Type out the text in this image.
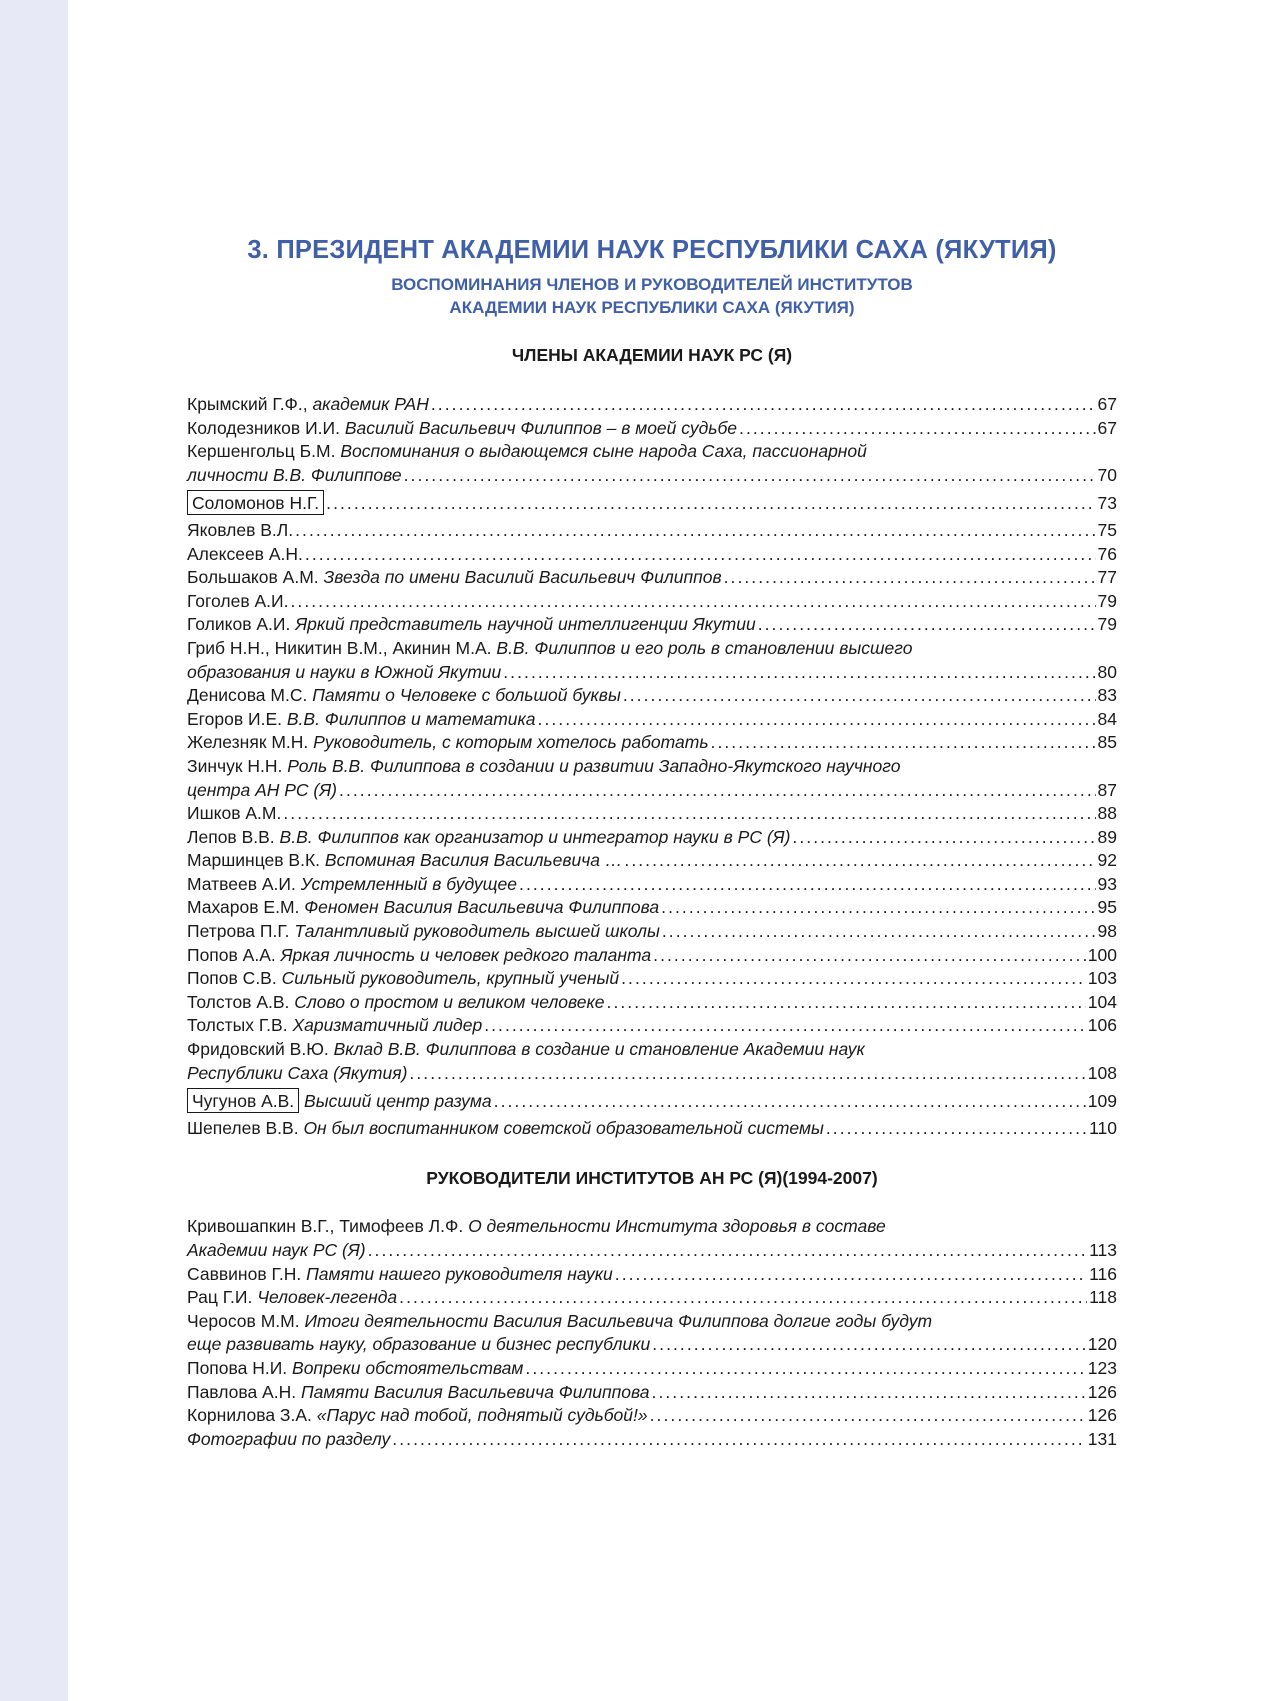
3. ПРЕЗИДЕНТ АКАДЕМИИ НАУК РЕСПУБЛИКИ САХА (ЯКУТИЯ)
ВОСПОМИНАНИЯ ЧЛЕНОВ И РУКОВОДИТЕЛЕЙ ИНСТИТУТОВ
АКАДЕМИИ НАУК РЕСПУБЛИКИ САХА (ЯКУТИЯ)
ЧЛЕНЫ АКАДЕМИИ НАУК РС (Я)
Крымский Г.Ф., академик РАН . . .	67
Колодезников И.И. Василий Васильевич Филиппов – в моей судьбе . . .	67
Кершенгольц Б.М. Воспоминания о выдающемся сыне народа Саха, пассионарной
личности В.В. Филиппове . . .	70
Соломонов Н.Г. . . .	73
Яковлев В.Л. . . .	75
Алексеев А.Н. . . .	76
Большаков А.М. Звезда по имени Василий Васильевич Филиппов . . .	77
Гоголев А.И. . . .	79
Голиков А.И. Яркий представитель научной интеллигенции Якутии . . .	79
Гриб Н.Н., Никитин В.М., Акинин М.А. В.В. Филиппов и его роль в становлении высшего
образования и науки в Южной Якутии . . .	80
Денисова М.С. Памяти о Человеке с большой буквы . . .	83
Егоров И.Е. В.В. Филиппов и математика . . .	84
Железняк М.Н. Руководитель, с которым хотелось работать . . .	85
Зинчук Н.Н. Роль В.В. Филиппова в создании и развитии Западно-Якутского научного
центра АН РС (Я) . . .	87
Ишков А.М. . . .	88
Лепов В.В. В.В. Филиппов как организатор и интегратор науки в РС (Я) . . .	89
Маршинцев В.К. Вспоминая Василия Васильевича … . . .	92
Матвеев А.И. Устремленный в будущее . . .	93
Махаров Е.М. Феномен Василия Васильевича Филиппова . . .	95
Петрова П.Г. Талантливый руководитель высшей школы . . .	98
Попов А.А. Яркая личность и человек редкого таланта . . .	100
Попов С.В. Сильный руководитель, крупный ученый . . .	103
Толстов А.В. Слово о простом и великом человеке . . .	104
Толстых Г.В. Харизматичный лидер . . .	106
Фридовский В.Ю. Вклад В.В. Филиппова в создание и становление Академии наук
Республики Саха (Якутия) . . .	108
Чугунов А.В. Высший центр разума . . .	109
Шепелев В.В. Он был воспитанником советской образовательной системы . . .	110
РУКОВОДИТЕЛИ ИНСТИТУТОВ АН РС (Я)(1994-2007)
Кривошапкин В.Г., Тимофеев Л.Ф. О деятельности Института здоровья в составе
Академии наук РС (Я) . . .	113
Саввинов Г.Н. Памяти нашего руководителя науки . . .	116
Рац Г.И. Человек-легенда . . .	118
Черосов М.М. Итоги деятельности Василия Васильевича Филиппова долгие годы будут
еще развивать науку, образование и бизнес республики . . .	120
Попова Н.И. Вопреки обстоятельствам . . .	123
Павлова А.Н. Памяти Василия Васильевича Филиппова . . .	126
Корнилова З.А. «Парус над тобой, поднятый судьбой!» . . .	126
Фотографии по разделу . . .	131
